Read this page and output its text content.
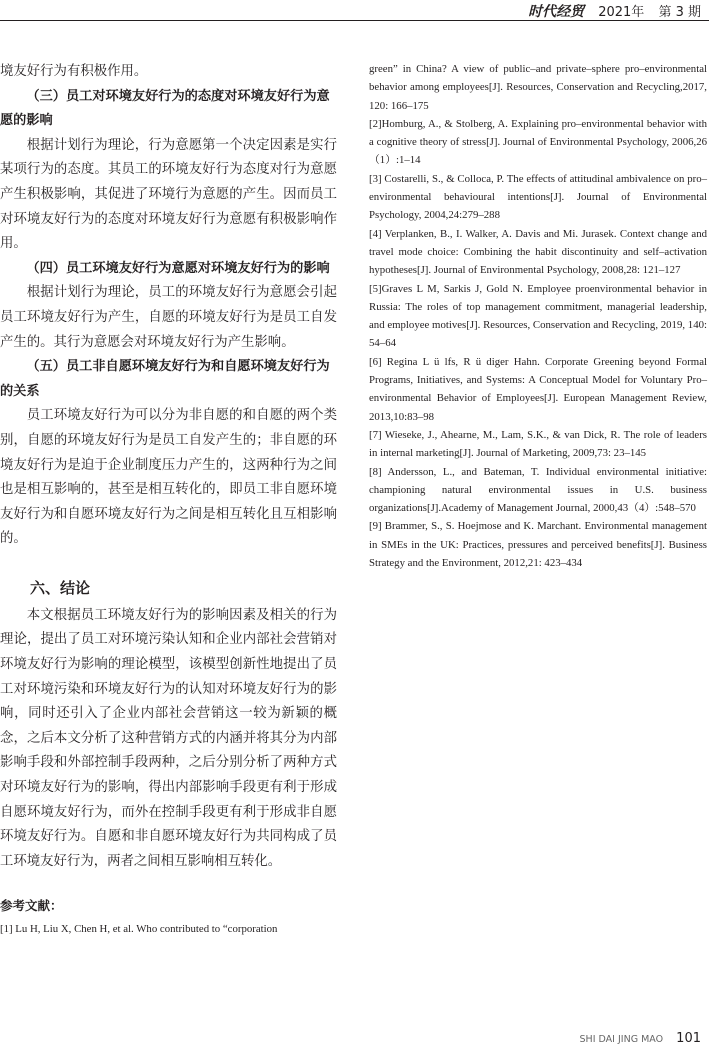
时代经贸 2021年 第 3 期

境友好行为有积极作用。

（三）员工对环境友好行为的态度对环境友好行为意愿的影响

根据计划行为理论，行为意愿第一个决定因素是实行某项行为的态度。其员工的环境友好行为态度对行为意愿产生积极影响，其促进了环境行为意愿的产生。因而员工对环境友好行为的态度对环境友好行为意愿有积极影响作用。

（四）员工环境友好行为意愿对环境友好行为的影响

根据计划行为理论，员工的环境友好行为意愿会引起员工环境友好行为产生，自愿的环境友好行为是员工自发产生的。其行为意愿会对环境友好行为产生影响。

（五）员工非自愿环境友好行为和自愿环境友好行为的关系

员工环境友好行为可以分为非自愿的和自愿的两个类别，自愿的环境友好行为是员工自发产生的；非自愿的环境友好行为是迫于企业制度压力产生的，这两种行为之间也是相互影响的，甚至是相互转化的，即员工非自愿环境友好行为和自愿环境友好行为之间是相互转化且互相影响的。

六、结论

本文根据员工环境友好行为的影响因素及相关的行为理论，提出了员工对环境污染认知和企业内部社会营销对环境友好行为影响的理论模型，该模型创新性地提出了员工对环境污染和环境友好行为的认知对环境友好行为的影响，同时还引入了企业内部社会营销这一较为新颖的概念，之后本文分析了这种营销方式的内涵并将其分为内部影响手段和外部控制手段两种，之后分别分析了两种方式对环境友好行为的影响，得出内部影响手段更有利于形成自愿环境友好行为，而外在控制手段更有利于形成非自愿环境友好行为。自愿和非自愿环境友好行为共同构成了员工环境友好行为，两者之间相互影响相互转化。

参考文献：

[1] Lu H, Liu X, Chen H, et al. Who contributed to “corporation

green” in China? A view of public–and private–sphere pro–environmental behavior among employees[J]. Resources, Conservation and Recycling,2017, 120: 166–175

[2]Homburg, A., & Stolberg, A. Explaining pro–environmental behavior with a cognitive theory of stress[J]. Journal of Environmental Psychology, 2006,26（1）:1–14

[3] Costarelli, S., & Colloca, P. The effects of attitudinal ambivalence on pro–environmental behavioural intentions[J]. Journal of Environmental Psychology, 2004,24:279–288

[4] Verplanken, B., I. Walker, A. Davis and Mi. Jurasek. Context change and travel mode choice: Combining the habit discontinuity and self–activation hypotheses[J]. Journal of Environmental Psychology, 2008,28: 121–127

[5]Graves L M, Sarkis J, Gold N. Employee proenvironmental behavior in Russia: The roles of top management commitment, managerial leadership, and employee motives[J]. Resources, Conservation and Recycling, 2019, 140: 54–64

[6] Regina L ü lfs, R ü diger Hahn. Corporate Greening beyond Formal Programs, Initiatives, and Systems: A Conceptual Model for Voluntary Pro–environmental Behavior of Employees[J]. European Management Review, 2013,10:83–98

[7] Wieseke, J., Ahearne, M., Lam, S.K., & van Dick, R. The role of leaders in internal marketing[J]. Journal of Marketing, 2009,73: 23–145

[8] Andersson, L., and Bateman, T. Individual environmental initiative: championing natural environmental issues in U.S. business organizations[J].Academy of Management Journal, 2000,43（4）:548–570

[9] Brammer, S., S. Hoejmose and K. Marchant. Environmental management in SMEs in the UK: Practices, pressures and perceived benefits[J]. Business Strategy and the Environment, 2012,21: 423–434

SHI DAI JING MAO 101
